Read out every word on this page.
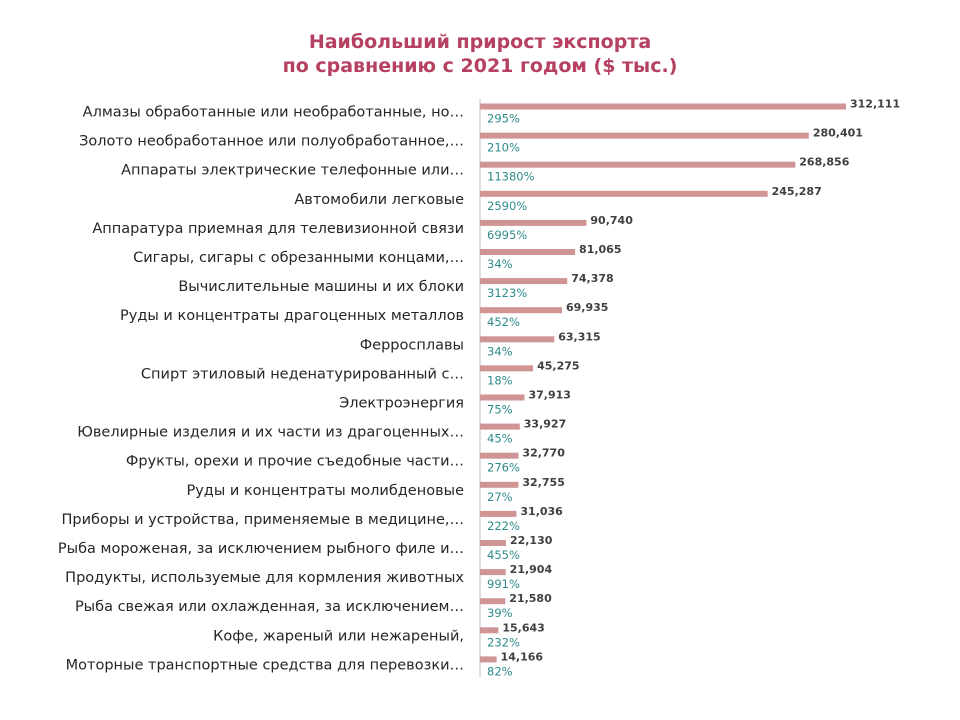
Наибольший прирост экспорта
по сравнению с 2021 годом ($ тыс.)
Алмазы обработанные или необработанные, но…
312,111
295%
Золото необработанное или полуобработанное,…
280,401
210%
Аппараты электрические телефонные или…
268,856
11380%
Автомобили легковые
245,287
2590%
Аппаратура приемная для телевизионной связи
90,740
6995%
Сигары, сигары с обрезанными концами,…
81,065
34%
Вычислительные машины и их блоки
74,378
3123%
Руды и концентраты драгоценных металлов
69,935
452%
Ферросплавы
63,315
34%
Спирт этиловый неденатурированный с…
45,275
18%
Электроэнергия
37,913
75%
Ювелирные изделия и их части из драгоценных…
33,927
45%
Фрукты, орехи и прочие съедобные части…
32,770
276%
Руды и концентраты молибденовые
32,755
27%
Приборы и устройства, применяемые в медицине,…
31,036
222%
Рыба мороженая, за исключением рыбного филе и…
22,130
455%
Продукты, используемые для кормления животных
21,904
991%
Рыба свежая или охлажденная, за исключением…
21,580
39%
Кофе, жареный или нежареный,
15,643
232%
Моторные транспортные средства для перевозки…
14,166
82%
